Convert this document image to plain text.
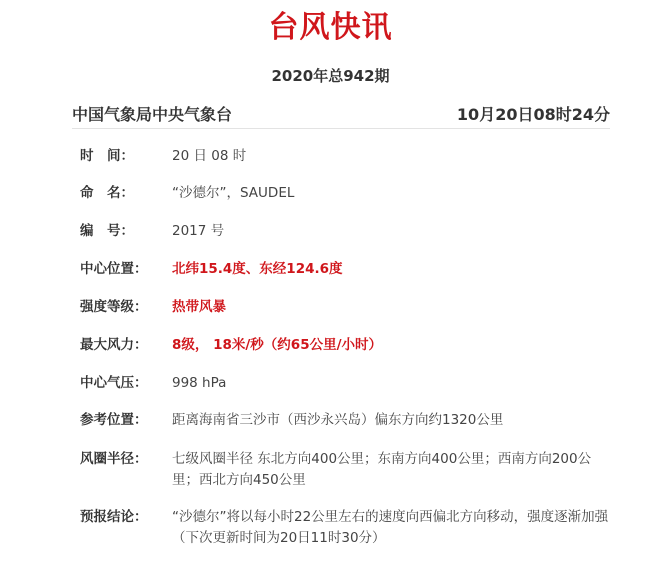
台风快讯
2020年总942期
中国气象局中央气象台	10月20日08时24分
时　间：	20 日 08 时
命　名：	“沙德尔”，SAUDEL
编　号：	2017 号
中心位置：	北纬15.4度、东经124.6度
强度等级：	热带风暴
最大风力：	8级， 18米/秒（约65公里/小时）
中心气压：	998 hPa
参考位置：	距离海南省三沙市（西沙永兴岛）偏东方向约1320公里
风圈半径：	七级风圈半径 东北方向400公里；东南方向400公里；西南方向200公里；西北方向450公里
预报结论：	“沙德尔”将以每小时22公里左右的速度向西偏北方向移动，强度逐渐加强
（下次更新时间为20日11时30分）
